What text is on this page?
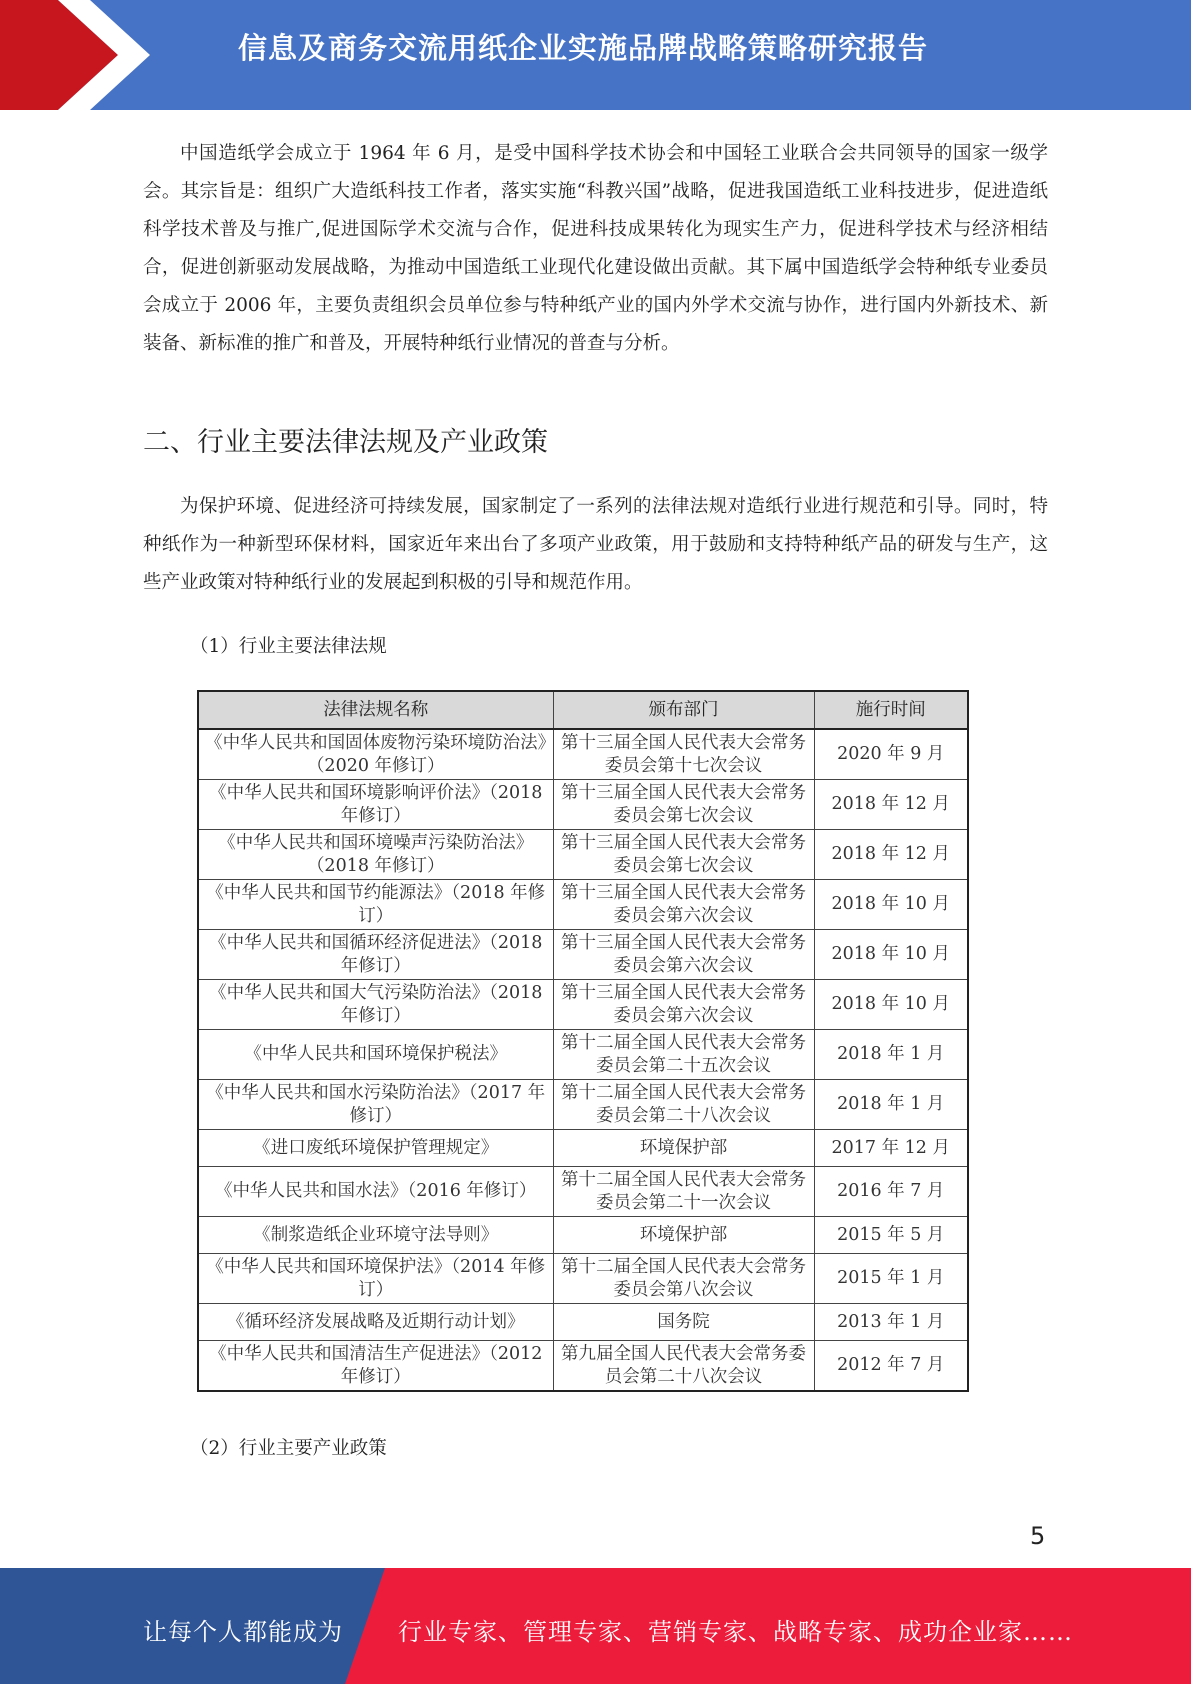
信息及商务交流用纸企业实施品牌战略策略研究报告

中国造纸学会成立于 1964 年 6 月，是受中国科学技术协会和中国轻工业联合会共同领导的国家一级学会。其宗旨是：组织广大造纸科技工作者，落实实施“科教兴国”战略，促进我国造纸工业科技进步，促进造纸科学技术普及与推广,促进国际学术交流与合作，促进科技成果转化为现实生产力，促进科学技术与经济相结合，促进创新驱动发展战略，为推动中国造纸工业现代化建设做出贡献。其下属中国造纸学会特种纸专业委员会成立于 2006 年，主要负责组织会员单位参与特种纸产业的国内外学术交流与协作，进行国内外新技术、新装备、新标准的推广和普及，开展特种纸行业情况的普查与分析。

二、行业主要法律法规及产业政策

为保护环境、促进经济可持续发展，国家制定了一系列的法律法规对造纸行业进行规范和引导。同时，特种纸作为一种新型环保材料，国家近年来出台了多项产业政策，用于鼓励和支持特种纸产品的研发与生产，这些产业政策对特种纸行业的发展起到积极的引导和规范作用。

（1）行业主要法律法规

法律法规名称	颁布部门	施行时间
《中华人民共和国固体废物污染环境防治法》（2020 年修订）	第十三届全国人民代表大会常务委员会第十七次会议	2020 年 9 月
《中华人民共和国环境影响评价法》（2018 年修订）	第十三届全国人民代表大会常务委员会第七次会议	2018 年 12 月
《中华人民共和国环境噪声污染防治法》（2018 年修订）	第十三届全国人民代表大会常务委员会第七次会议	2018 年 12 月
《中华人民共和国节约能源法》（2018 年修订）	第十三届全国人民代表大会常务委员会第六次会议	2018 年 10 月
《中华人民共和国循环经济促进法》（2018 年修订）	第十三届全国人民代表大会常务委员会第六次会议	2018 年 10 月
《中华人民共和国大气污染防治法》（2018 年修订）	第十三届全国人民代表大会常务委员会第六次会议	2018 年 10 月
《中华人民共和国环境保护税法》	第十二届全国人民代表大会常务委员会第二十五次会议	2018 年 1 月
《中华人民共和国水污染防治法》（2017 年修订）	第十二届全国人民代表大会常务委员会第二十八次会议	2018 年 1 月
《进口废纸环境保护管理规定》	环境保护部	2017 年 12 月
《中华人民共和国水法》（2016 年修订）	第十二届全国人民代表大会常务委员会第二十一次会议	2016 年 7 月
《制浆造纸企业环境守法导则》	环境保护部	2015 年 5 月
《中华人民共和国环境保护法》（2014 年修订）	第十二届全国人民代表大会常务委员会第八次会议	2015 年 1 月
《循环经济发展战略及近期行动计划》	国务院	2013 年 1 月
《中华人民共和国清洁生产促进法》（2012 年修订）	第九届全国人民代表大会常务委员会第二十八次会议	2012 年 7 月

（2）行业主要产业政策

5
让每个人都能成为 行业专家、管理专家、营销专家、战略专家、成功企业家……
